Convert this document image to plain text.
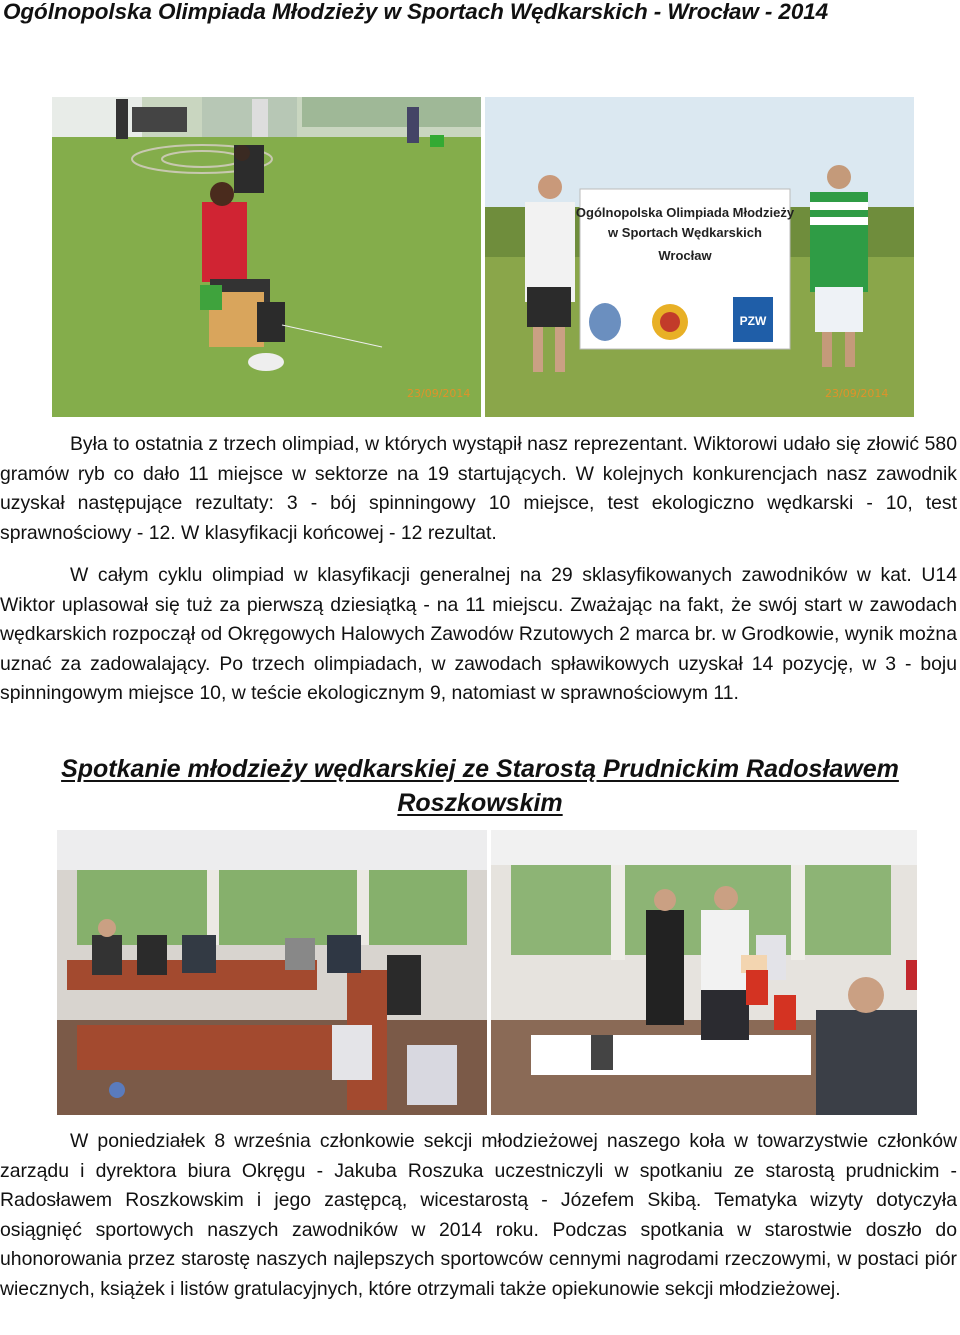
Ogólnopolska Olimpiada Młodzieży w Sportach Wędkarskich - Wrocław - 2014
23/09/2014
Ogólnopolska Olimpiada Młodzieży
w Sportach Wędkarskich
Wrocław
PZW
23/09/2014

Była to ostatnia z trzech olimpiad, w których wystąpił nasz reprezentant. Wiktorowi udało się złowić 580 gramów ryb co dało 11 miejsce w sektorze na 19 startujących. W kolejnych konkurencjach nasz zawodnik uzyskał następujące rezultaty: 3 - bój spinningowy 10 miejsce, test ekologiczno wędkarski - 10, test sprawnościowy - 12. W klasyfikacji końcowej - 12 rezultat.

W całym cyklu olimpiad w klasyfikacji generalnej na 29 sklasyfikowanych zawodników w kat. U14 Wiktor uplasował się tuż za pierwszą dziesiątką - na 11 miejscu. Zważając na fakt, że swój start w zawodach wędkarskich rozpoczął od Okręgowych Halowych Zawodów Rzutowych 2 marca br. w Grodkowie, wynik można uznać za zadowalający. Po trzech olimpiadach, w zawodach spławikowych uzyskał 14 pozycję, w 3 - boju spinningowym miejsce 10, w teście ekologicznym 9, natomiast w sprawnościowym 11.

Spotkanie młodzieży wędkarskiej ze Starostą Prudnickim Radosławem
Roszkowskim

W poniedziałek 8 września członkowie sekcji młodzieżowej naszego koła w towarzystwie członków zarządu i dyrektora biura Okręgu - Jakuba Roszuka uczestniczyli w spotkaniu ze starostą prudnickim - Radosławem Roszkowskim i jego zastępcą, wicestarostą - Józefem Skibą. Tematyka wizyty dotyczyła osiągnięć sportowych naszych zawodników w 2014 roku. Podczas spotkania w starostwie doszło do uhonorowania przez starostę naszych najlepszych sportowców cennymi nagrodami rzeczowymi, w postaci piór wiecznych, książek i listów gratulacyjnych, które otrzymali także opiekunowie sekcji młodzieżowej.
